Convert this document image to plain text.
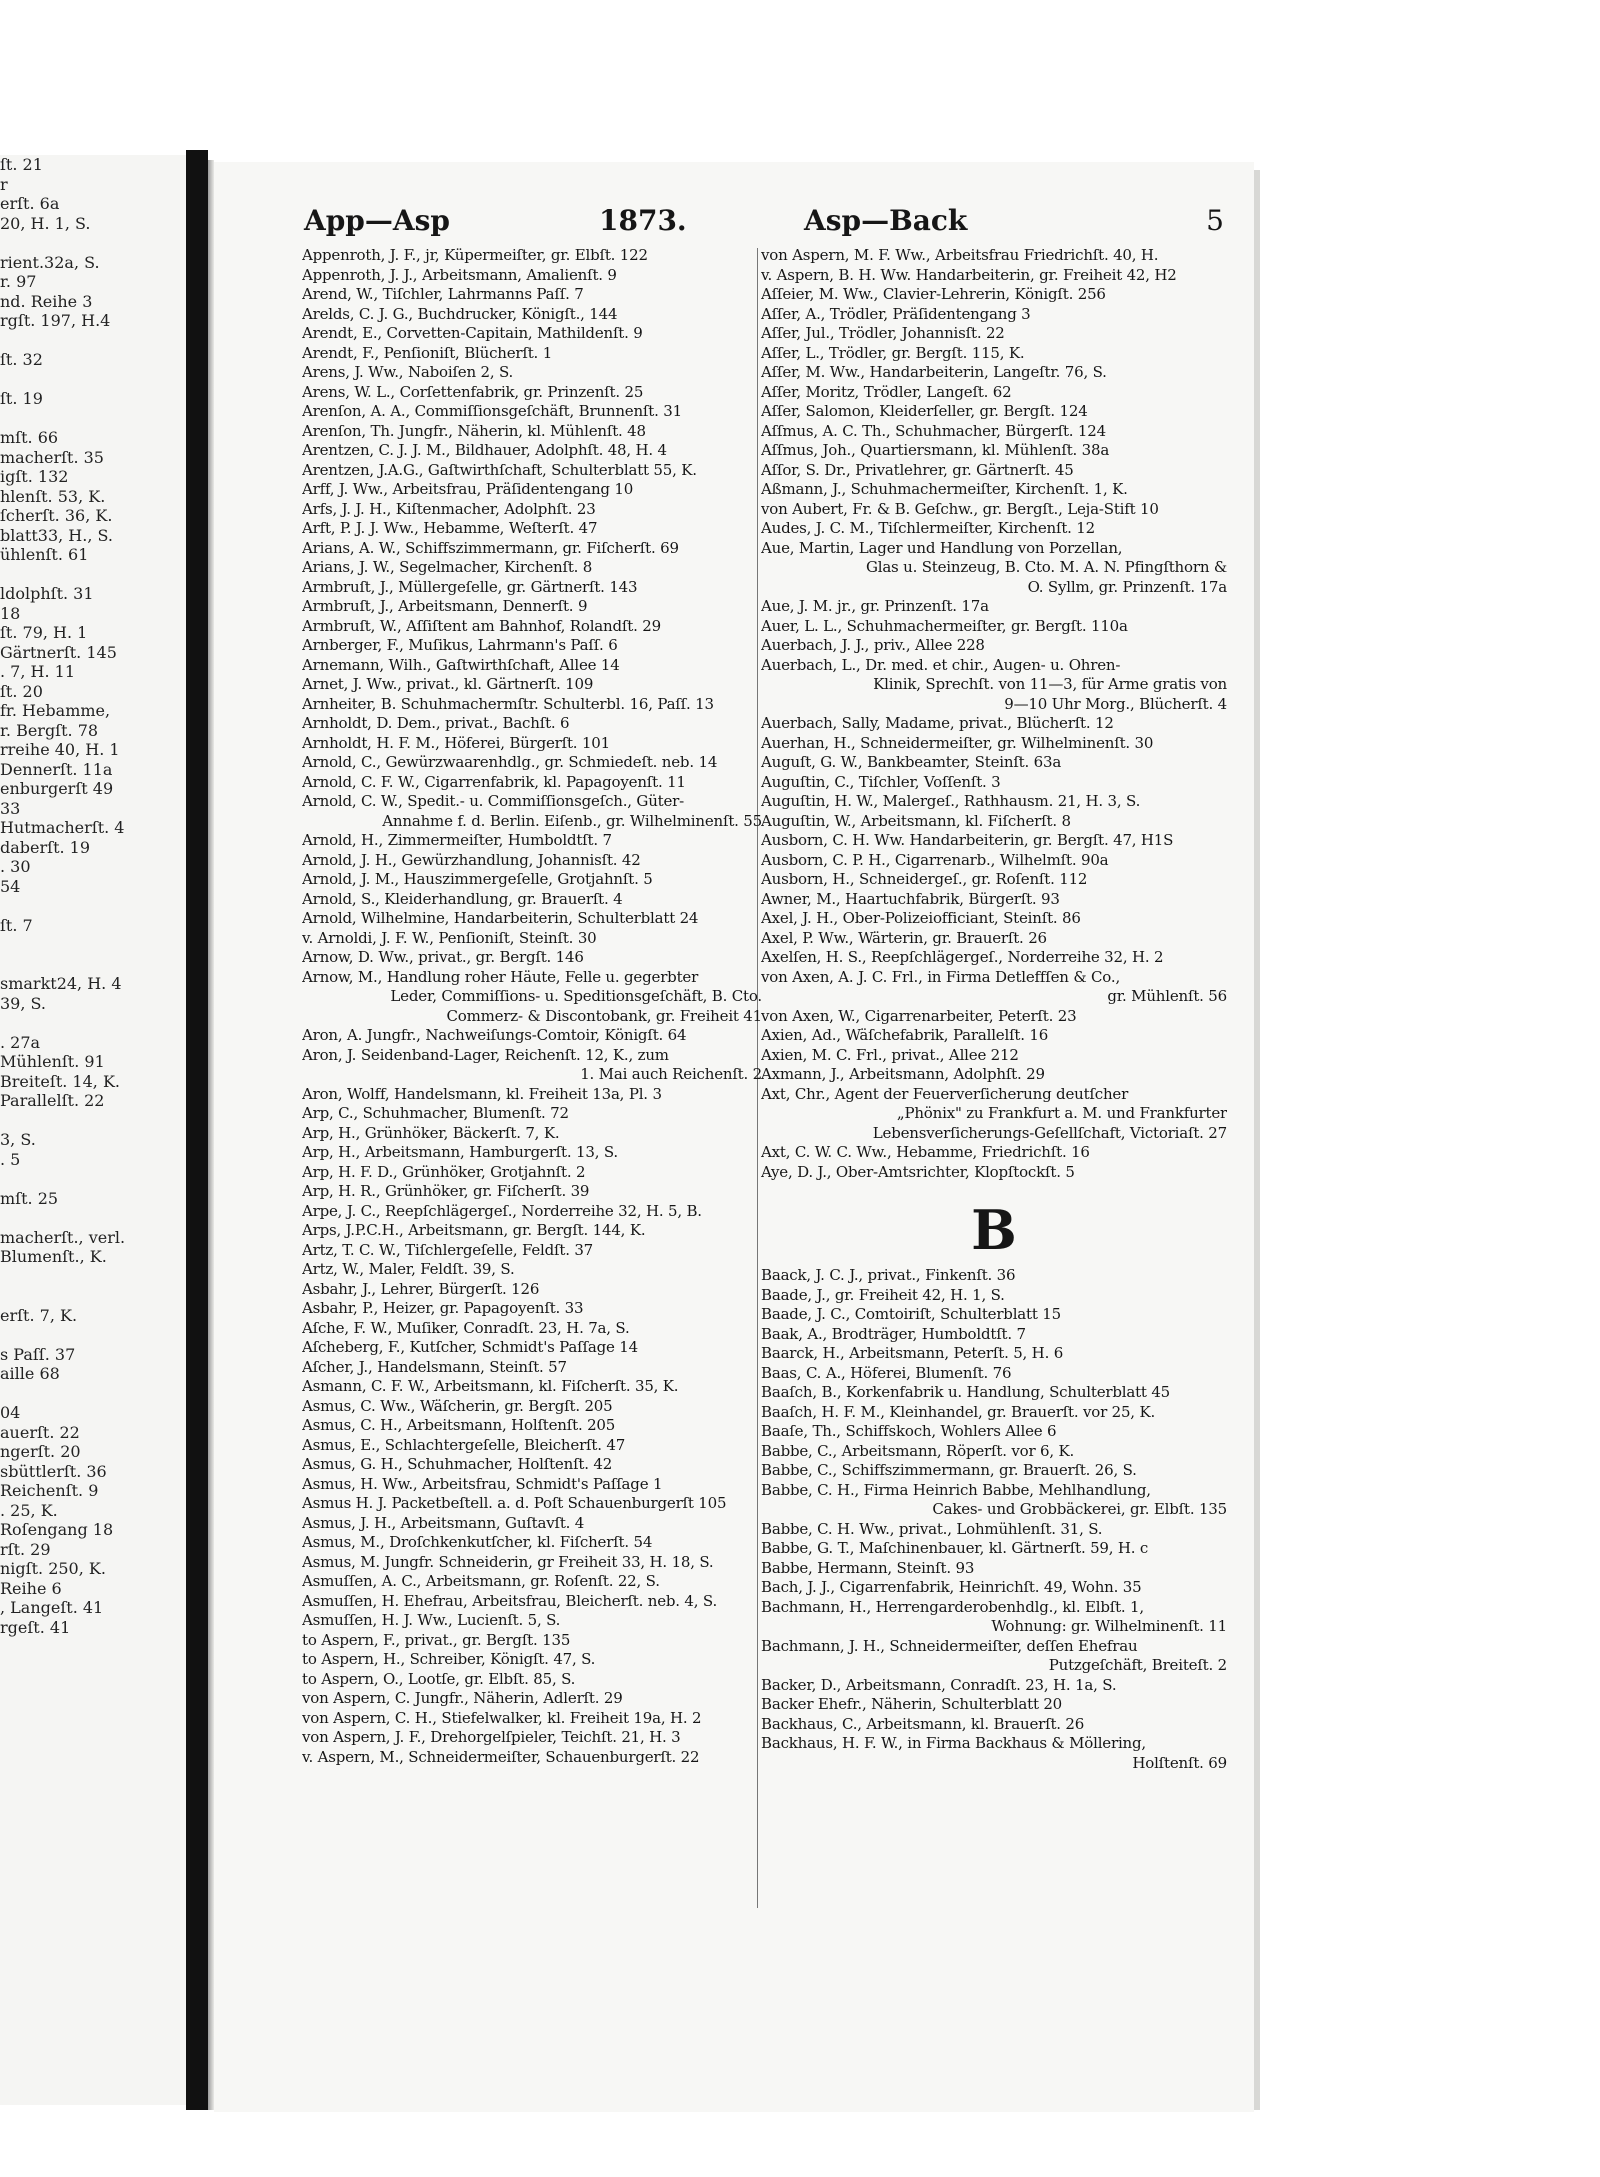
ſt. 21
r
erſt. 6a
20, H. 1, S.

rient.32a, S.
r. 97
nd. Reihe 3
rgſt. 197, H.4

ſt. 32

ſt. 19

mſt. 66
macherſt. 35
igſt. 132
hlenſt. 53, K.
ſcherſt. 36, K.
blatt33, H., S.
ühlenſt. 61

ldolphſt. 31
18
ſt. 79, H. 1
Gärtnerſt. 145
. 7, H. 11
ſt. 20
fr. Hebamme,
r. Bergſt. 78
rreihe 40, H. 1
Dennerſt. 11a
enburgerſt 49
33
Hutmacherſt. 4
daberſt. 19
. 30
54

ſt. 7

smarkt24, H. 4
39, S.

. 27a
Mühlenſt. 91
Breiteſt. 14, K.
Parallelſt. 22

3, S.
. 5

mſt. 25

macherſt., verl.
Blumenſt., K.

erſt. 7, K.

s Paſſ. 37
aille 68

04
auerſt. 22
ngerſt. 20
sbüttlerſt. 36
Reichenſt. 9
. 25, K.
Roſengang 18
rſt. 29
nigſt. 250, K.
Reihe 6
, Langeſt. 41
rgeſt. 41
App—Asp	1873.	Asp—Back	5
Appenroth, J. F., jr, Küpermeiſter, gr. Elbſt. 122
Appenroth, J. J., Arbeitsmann, Amalienſt. 9
Arend, W., Tiſchler, Lahrmanns Paſſ. 7
Arelds, C. J. G., Buchdrucker, Königſt., 144
Arendt, E., Corvetten-Capitain, Mathildenſt. 9
Arendt, F., Penſioniſt, Blücherſt. 1
Arens, J. Ww., Naboiſen 2, S.
Arens, W. L., Corſettenfabrik, gr. Prinzenſt. 25
Arenſon, A. A., Commiſſionsgeſchäft, Brunnenſt. 31
Arenſon, Th. Jungfr., Näherin, kl. Mühlenſt. 48
Arentzen, C. J. J. M., Bildhauer, Adolphſt. 48, H. 4
Arentzen, J.A.G., Gaſtwirthſchaft, Schulterblatt 55, K.
Arff, J. Ww., Arbeitsfrau, Präſidentengang 10
Arfs, J. J. H., Kiſtenmacher, Adolphſt. 23
Arft, P. J. J. Ww., Hebamme, Weſterſt. 47
Arians, A. W., Schiffszimmermann, gr. Fiſcherſt. 69
Arians, J. W., Segelmacher, Kirchenſt. 8
Armbruſt, J., Müllergeſelle, gr. Gärtnerſt. 143
Armbruſt, J., Arbeitsmann, Dennerſt. 9
Armbruſt, W., Aſſiſtent am Bahnhof, Rolandſt. 29
Arnberger, F., Muſikus, Lahrmann's Paſſ. 6
Arnemann, Wilh., Gaſtwirthſchaft, Allee 14
Arnet, J. Ww., privat., kl. Gärtnerſt. 109
Arnheiter, B. Schuhmachermſtr. Schulterbl. 16, Paſſ. 13
Arnholdt, D. Dem., privat., Bachſt. 6
Arnholdt, H. F. M., Höferei, Bürgerſt. 101
Arnold, C., Gewürzwaarenhdlg., gr. Schmiedeſt. neb. 14
Arnold, C. F. W., Cigarrenfabrik, kl. Papagoyenſt. 11
Arnold, C. W., Spedit.- u. Commiſſionsgeſch., Güter-
Annahme f. d. Berlin. Eiſenb., gr. Wilhelminenſt. 55
Arnold, H., Zimmermeiſter, Humboldtſt. 7
Arnold, J. H., Gewürzhandlung, Johannisſt. 42
Arnold, J. M., Hauszimmergeſelle, Grotjahnſt. 5
Arnold, S., Kleiderhandlung, gr. Brauerſt. 4
Arnold, Wilhelmine, Handarbeiterin, Schulterblatt 24
v. Arnoldi, J. F. W., Penſioniſt, Steinſt. 30
Arnow, D. Ww., privat., gr. Bergſt. 146
Arnow, M., Handlung roher Häute, Felle u. gegerbter
Leder, Commiſſions- u. Speditionsgeſchäft, B. Cto.
Commerz- & Discontobank, gr. Freiheit 41
Aron, A. Jungfr., Nachweiſungs-Comtoir, Königſt. 64
Aron, J. Seidenband-Lager, Reichenſt. 12, K., zum
1. Mai auch Reichenſt. 2
Aron, Wolff, Handelsmann, kl. Freiheit 13a, Pl. 3
Arp, C., Schuhmacher, Blumenſt. 72
Arp, H., Grünhöker, Bäckerſt. 7, K.
Arp, H., Arbeitsmann, Hamburgerſt. 13, S.
Arp, H. F. D., Grünhöker, Grotjahnſt. 2
Arp, H. R., Grünhöker, gr. Fiſcherſt. 39
Arpe, J. C., Reepſchlägergeſ., Norderreihe 32, H. 5, B.
Arps, J.P.C.H., Arbeitsmann, gr. Bergſt. 144, K.
Artz, T. C. W., Tiſchlergeſelle, Feldſt. 37
Artz, W., Maler, Feldſt. 39, S.
Asbahr, J., Lehrer, Bürgerſt. 126
Asbahr, P., Heizer, gr. Papagoyenſt. 33
Aſche, F. W., Muſiker, Conradſt. 23, H. 7a, S.
Aſcheberg, F., Kutſcher, Schmidt's Paſſage 14
Aſcher, J., Handelsmann, Steinſt. 57
Asmann, C. F. W., Arbeitsmann, kl. Fiſcherſt. 35, K.
Asmus, C. Ww., Wäſcherin, gr. Bergſt. 205
Asmus, C. H., Arbeitsmann, Holſtenſt. 205
Asmus, E., Schlachtergeſelle, Bleicherſt. 47
Asmus, G. H., Schuhmacher, Holſtenſt. 42
Asmus, H. Ww., Arbeitsfrau, Schmidt's Paſſage 1
Asmus H. J. Packetbeſtell. a. d. Poſt Schauenburgerſt 105
Asmus, J. H., Arbeitsmann, Guſtavſt. 4
Asmus, M., Droſchkenkutſcher, kl. Fiſcherſt. 54
Asmus, M. Jungfr. Schneiderin, gr Freiheit 33, H. 18, S.
Asmuſſen, A. C., Arbeitsmann, gr. Roſenſt. 22, S.
Asmuſſen, H. Ehefrau, Arbeitsfrau, Bleicherſt. neb. 4, S.
Asmuſſen, H. J. Ww., Lucienſt. 5, S.
to Aspern, F., privat., gr. Bergſt. 135
to Aspern, H., Schreiber, Königſt. 47, S.
to Aspern, O., Lootſe, gr. Elbſt. 85, S.
von Aspern, C. Jungfr., Näherin, Adlerſt. 29
von Aspern, C. H., Stiefelwalker, kl. Freiheit 19a, H. 2
von Aspern, J. F., Drehorgelſpieler, Teichſt. 21, H. 3
v. Aspern, M., Schneidermeiſter, Schauenburgerſt. 22
von Aspern, M. F. Ww., Arbeitsfrau Friedrichſt. 40, H.
v. Aspern, B. H. Ww. Handarbeiterin, gr. Freiheit 42, H2
Aſſeier, M. Ww., Clavier-Lehrerin, Königſt. 256
Aſſer, A., Trödler, Präſidentengang 3
Aſſer, Jul., Trödler, Johannisſt. 22
Aſſer, L., Trödler, gr. Bergſt. 115, K.
Aſſer, M. Ww., Handarbeiterin, Langeſtr. 76, S.
Aſſer, Moritz, Trödler, Langeſt. 62
Aſſer, Salomon, Kleiderſeller, gr. Bergſt. 124
Aſſmus, A. C. Th., Schuhmacher, Bürgerſt. 124
Aſſmus, Joh., Quartiersmann, kl. Mühlenſt. 38a
Aſſor, S. Dr., Privatlehrer, gr. Gärtnerſt. 45
Aßmann, J., Schuhmachermeiſter, Kirchenſt. 1, K.
von Aubert, Fr. & B. Geſchw., gr. Bergſt., Leja-Stift 10
Audes, J. C. M., Tiſchlermeiſter, Kirchenſt. 12
Aue, Martin, Lager und Handlung von Porzellan,
Glas u. Steinzeug, B. Cto. M. A. N. Pfingſthorn &
O. Syllm, gr. Prinzenſt. 17a
Aue, J. M. jr., gr. Prinzenſt. 17a
Auer, L. L., Schuhmachermeiſter, gr. Bergſt. 110a
Auerbach, J. J., priv., Allee 228
Auerbach, L., Dr. med. et chir., Augen- u. Ohren-
Klinik, Sprechſt. von 11—3, für Arme gratis von
9—10 Uhr Morg., Blücherſt. 4
Auerbach, Sally, Madame, privat., Blücherſt. 12
Auerhan, H., Schneidermeiſter, gr. Wilhelminenſt. 30
Auguſt, G. W., Bankbeamter, Steinſt. 63a
Auguſtin, C., Tiſchler, Voſſenſt. 3
Auguſtin, H. W., Malergeſ., Rathhausm. 21, H. 3, S.
Auguſtin, W., Arbeitsmann, kl. Fiſcherſt. 8
Ausborn, C. H. Ww. Handarbeiterin, gr. Bergſt. 47, H1S
Ausborn, C. P. H., Cigarrenarb., Wilhelmſt. 90a
Ausborn, H., Schneidergeſ., gr. Roſenſt. 112
Awner, M., Haartuchfabrik, Bürgerſt. 93
Axel, J. H., Ober-Polizeiofficiant, Steinſt. 86
Axel, P. Ww., Wärterin, gr. Brauerſt. 26
Axelſen, H. S., Reepſchlägergeſ., Norderreihe 32, H. 2
von Axen, A. J. C. Frl., in Firma Detleffſen & Co.,
gr. Mühlenſt. 56
von Axen, W., Cigarrenarbeiter, Peterſt. 23
Axien, Ad., Wäſchefabrik, Parallelſt. 16
Axien, M. C. Frl., privat., Allee 212
Axmann, J., Arbeitsmann, Adolphſt. 29
Axt, Chr., Agent der Feuerverſicherung deutſcher
„Phönix" zu Frankfurt a. M. und Frankfurter
Lebensverſicherungs-Geſellſchaft, Victoriaſt. 27
Axt, C. W. C. Ww., Hebamme, Friedrichſt. 16
Aye, D. J., Ober-Amtsrichter, Klopſtockſt. 5
B
Baack, J. C. J., privat., Finkenſt. 36
Baade, J., gr. Freiheit 42, H. 1, S.
Baade, J. C., Comtoiriſt, Schulterblatt 15
Baak, A., Brodträger, Humboldtſt. 7
Baarck, H., Arbeitsmann, Peterſt. 5, H. 6
Baas, C. A., Höferei, Blumenſt. 76
Baaſch, B., Korkenfabrik u. Handlung, Schulterblatt 45
Baaſch, H. F. M., Kleinhandel, gr. Brauerſt. vor 25, K.
Baaſe, Th., Schiffskoch, Wohlers Allee 6
Babbe, C., Arbeitsmann, Röperſt. vor 6, K.
Babbe, C., Schiffszimmermann, gr. Brauerſt. 26, S.
Babbe, C. H., Firma Heinrich Babbe, Mehlhandlung,
Cakes- und Grobbäckerei, gr. Elbſt. 135
Babbe, C. H. Ww., privat., Lohmühlenſt. 31, S.
Babbe, G. T., Maſchinenbauer, kl. Gärtnerſt. 59, H. c
Babbe, Hermann, Steinſt. 93
Bach, J. J., Cigarrenfabrik, Heinrichſt. 49, Wohn. 35
Bachmann, H., Herrengarderobenhdlg., kl. Elbſt. 1,
Wohnung: gr. Wilhelminenſt. 11
Bachmann, J. H., Schneidermeiſter, deſſen Ehefrau
Putzgeſchäft, Breiteſt. 2
Backer, D., Arbeitsmann, Conradſt. 23, H. 1a, S.
Backer Ehefr., Näherin, Schulterblatt 20
Backhaus, C., Arbeitsmann, kl. Brauerſt. 26
Backhaus, H. F. W., in Firma Backhaus & Möllering,
Holſtenſt. 69
